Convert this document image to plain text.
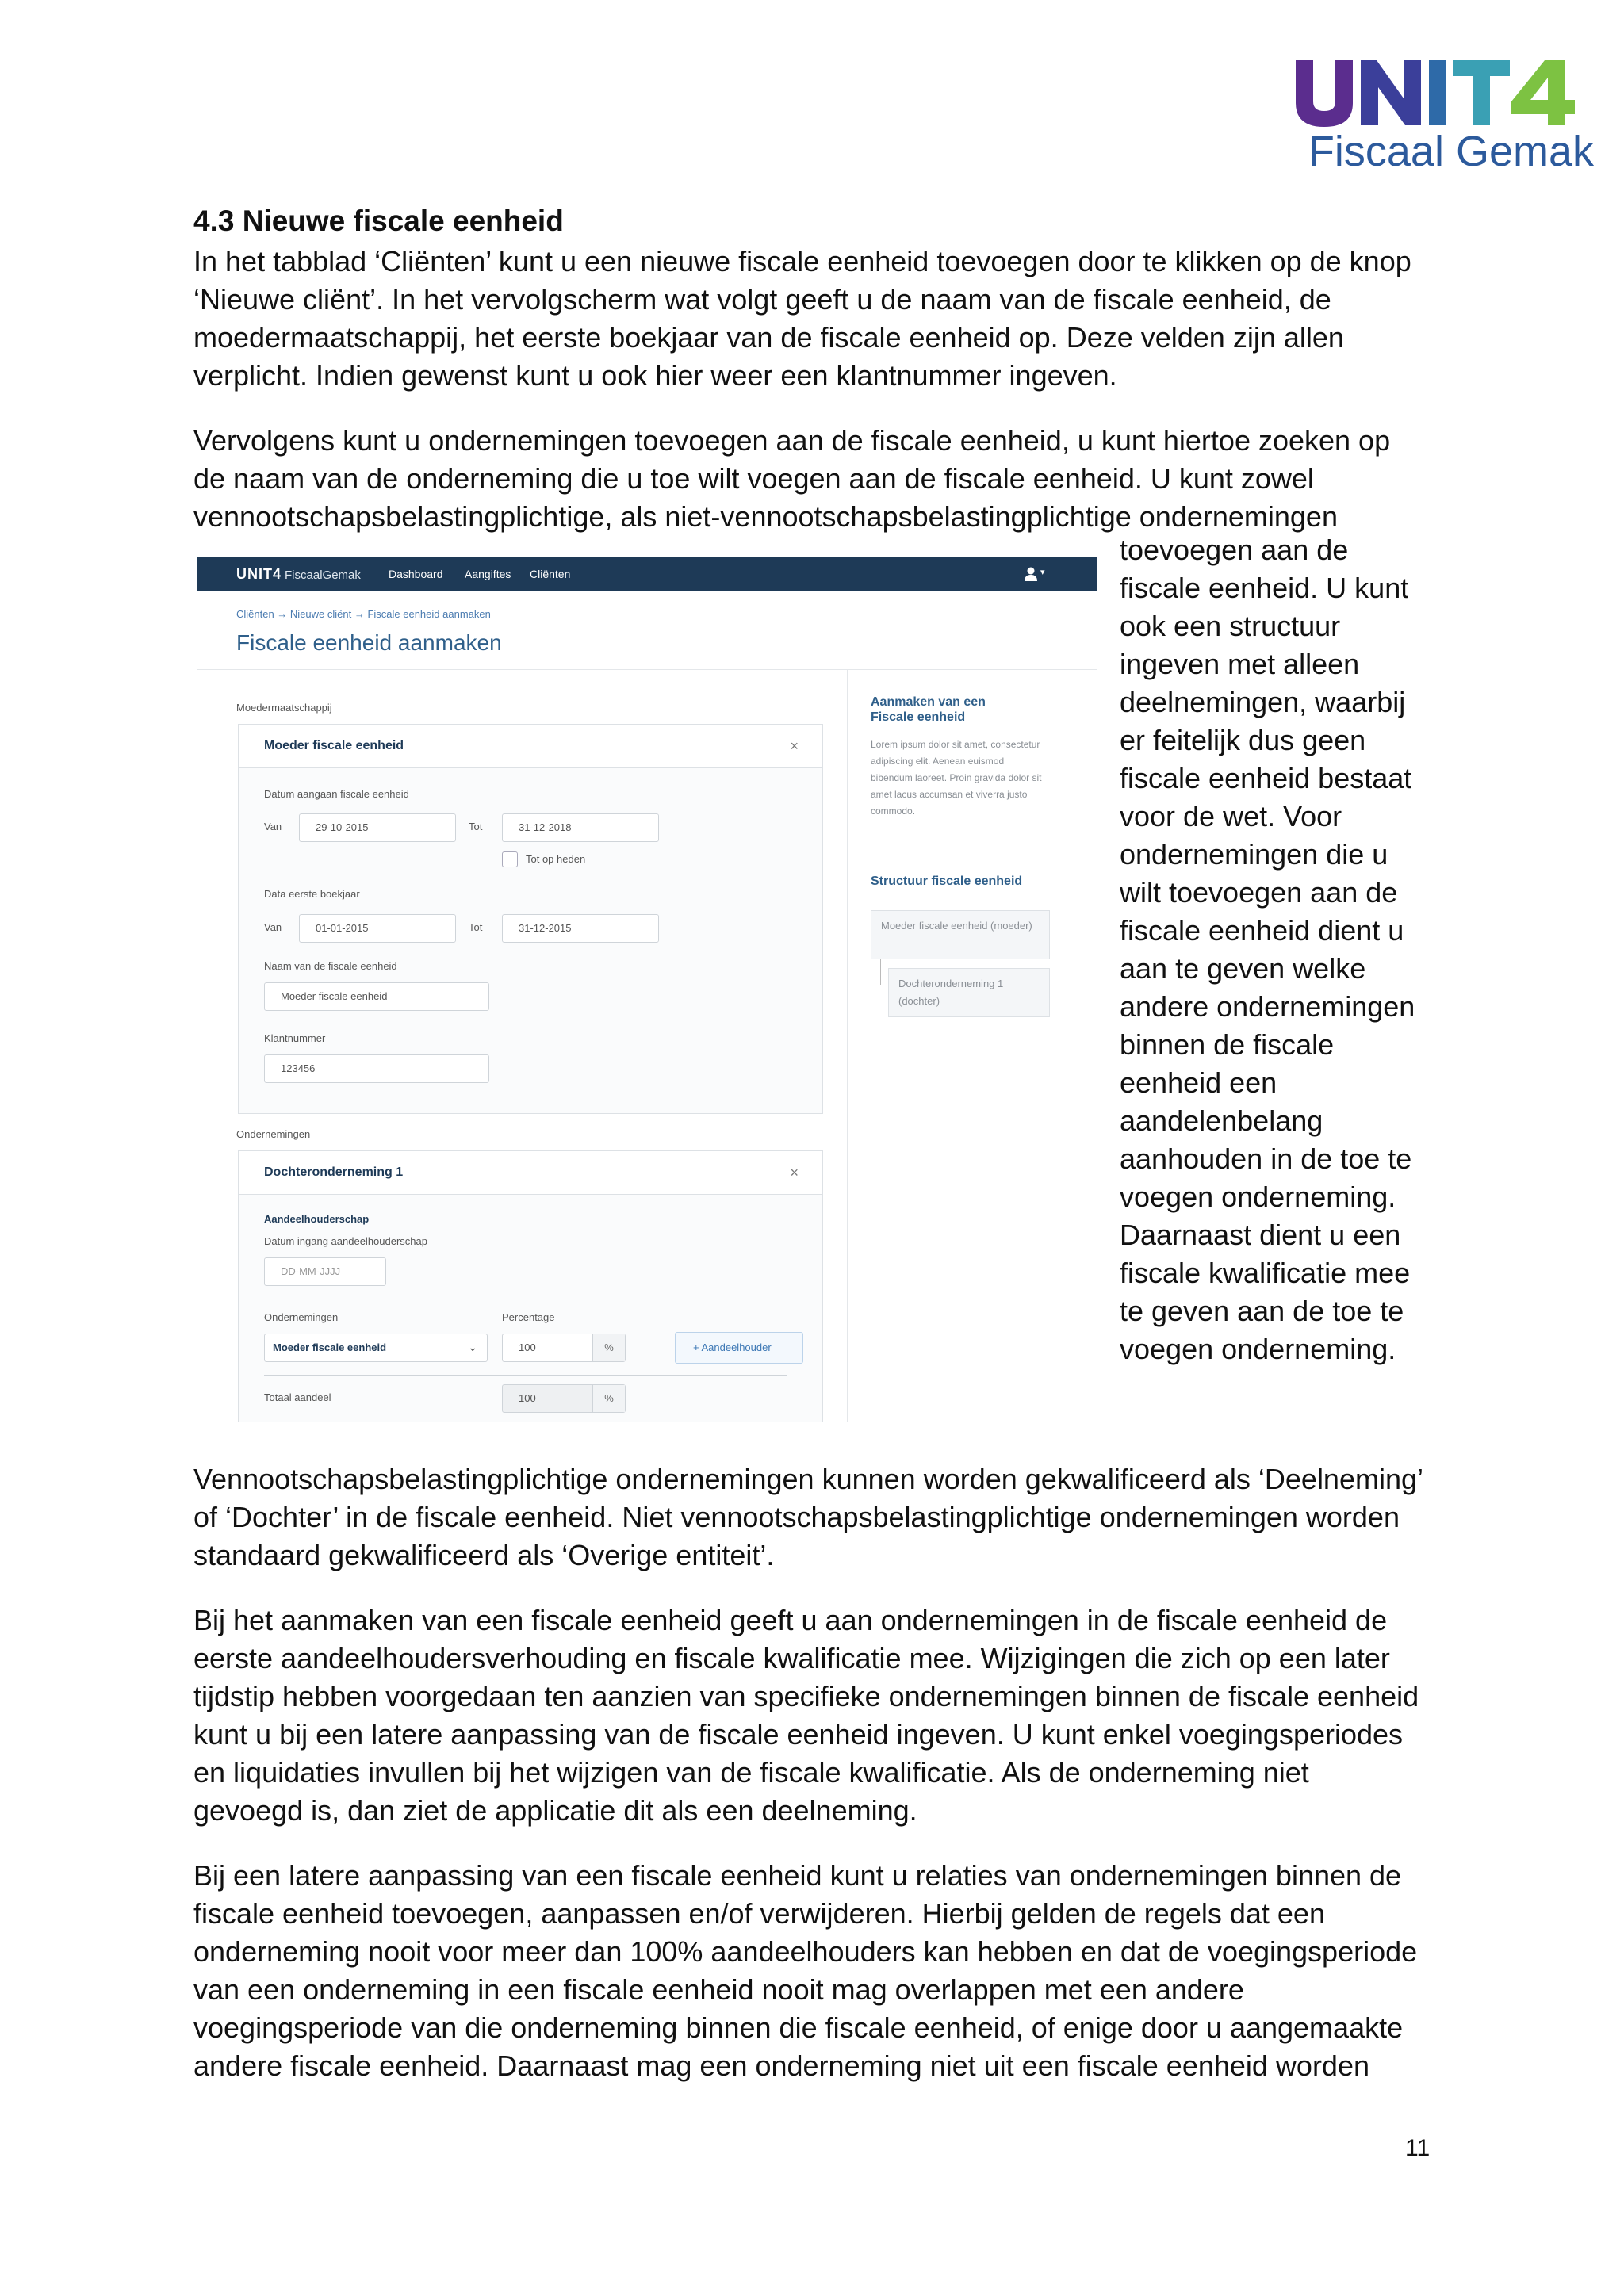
Fiscaal Gemak
4.3 Nieuwe fiscale eenheid
In het tabblad ‘Cliënten’ kunt u een nieuwe fiscale eenheid toevoegen door te klikken op de knop
‘Nieuwe cliënt’. In het vervolgscherm wat volgt geeft u de naam van de fiscale eenheid, de
moedermaatschappij, het eerste boekjaar van de fiscale eenheid op. Deze velden zijn allen
verplicht. Indien gewenst kunt u ook hier weer een klantnummer ingeven.
Vervolgens kunt u ondernemingen toevoegen aan de fiscale eenheid, u kunt hiertoe zoeken op
de naam van de onderneming die u toe wilt voegen aan de fiscale eenheid. U kunt zowel
vennootschapsbelastingplichtige, als niet-vennootschapsbelastingplichtige ondernemingen
toevoegen aan de
fiscale eenheid. U kunt
ook een structuur
ingeven met alleen
deelnemingen, waarbij
er feitelijk dus geen
fiscale eenheid bestaat
voor de wet. Voor
ondernemingen die u
wilt toevoegen aan de
fiscale eenheid dient u
aan te geven welke
andere ondernemingen
binnen de fiscale
eenheid een
aandelenbelang
aanhouden in de toe te
voegen onderneming.
Daarnaast dient u een
fiscale kwalificatie mee
te geven aan de toe te
voegen onderneming.
UNIT4 FiscaalGemak	Dashboard Aangiftes Cliënten	▾
Cliënten → Nieuwe cliënt → Fiscale eenheid aanmaken
Fiscale eenheid aanmaken
Moedermaatschappij
Moeder fiscale eenheid	×
Datum aangaan fiscale eenheid
Van	29-10-2015	Tot	31-12-2018
Tot op heden
Data eerste boekjaar
Van	01-01-2015	Tot	31-12-2015
Naam van de fiscale eenheid
Moeder fiscale eenheid
Klantnummer
123456
Ondernemingen
Dochteronderneming 1	×
Aandeelhouderschap
Datum ingang aandeelhouderschap
DD-MM-JJJJ
Ondernemingen
Moeder fiscale eenheid	⌄
Percentage
100	%	+ Aandeelhouder
Totaal aandeel	100	%
Aanmaken van een Fiscale eenheid
Lorem ipsum dolor sit amet, consectetur adipiscing elit. Aenean euismod bibendum laoreet. Proin gravida dolor sit amet lacus accumsan et viverra justo commodo.
Structuur fiscale eenheid
Moeder fiscale eenheid (moeder)
Dochteronderneming 1 (dochter)
Vennootschapsbelastingplichtige ondernemingen kunnen worden gekwalificeerd als ‘Deelneming’
of ‘Dochter’ in de fiscale eenheid. Niet vennootschapsbelastingplichtige ondernemingen worden
standaard gekwalificeerd als ‘Overige entiteit’.
Bij het aanmaken van een fiscale eenheid geeft u aan ondernemingen in de fiscale eenheid de
eerste aandeelhoudersverhouding en fiscale kwalificatie mee. Wijzigingen die zich op een later
tijdstip hebben voorgedaan ten aanzien van specifieke ondernemingen binnen de fiscale eenheid
kunt u bij een latere aanpassing van de fiscale eenheid ingeven. U kunt enkel voegingsperiodes
en liquidaties invullen bij het wijzigen van de fiscale kwalificatie. Als de onderneming niet
gevoegd is, dan ziet de applicatie dit als een deelneming.
Bij een latere aanpassing van een fiscale eenheid kunt u relaties van ondernemingen binnen de
fiscale eenheid toevoegen, aanpassen en/of verwijderen. Hierbij gelden de regels dat een
onderneming nooit voor meer dan 100% aandeelhouders kan hebben en dat de voegingsperiode
van een onderneming in een fiscale eenheid nooit mag overlappen met een andere
voegingsperiode van die onderneming binnen die fiscale eenheid, of enige door u aangemaakte
andere fiscale eenheid. Daarnaast mag een onderneming niet uit een fiscale eenheid worden
11
